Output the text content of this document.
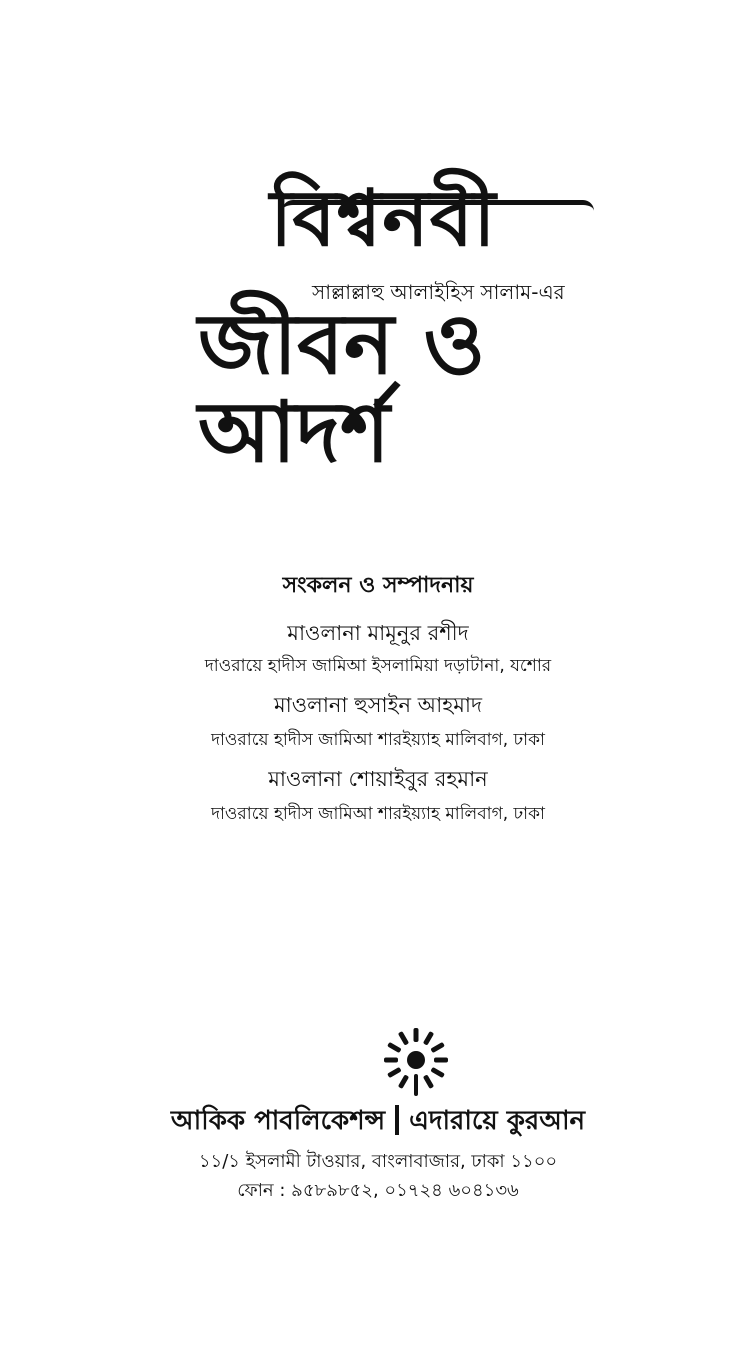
বিশ্বনবী
সাল্লাল্লাহু আলাইহিস সালাম-এর
জীবন ও আদর্শ
সংকলন ও সম্পাদনায়
মাওলানা মামূনুর রশীদ
দাওরায়ে হাদীস জামিআ ইসলামিয়া দড়াটানা, যশোর
মাওলানা হুসাইন আহমাদ
দাওরায়ে হাদীস জামিআ শারইয়্যাহ মালিবাগ, ঢাকা
মাওলানা শোয়াইবুর রহমান
দাওরায়ে হাদীস জামিআ শারইয়্যাহ মালিবাগ, ঢাকা
আকিক পাবলিকেশন্স এদারায়ে কুরআন
১১/১ ইসলামী টাওয়ার, বাংলাবাজার, ঢাকা ১১০০
ফোন : ৯৫৮৯৮৫২, ০১৭২৪ ৬০৪১৩৬
